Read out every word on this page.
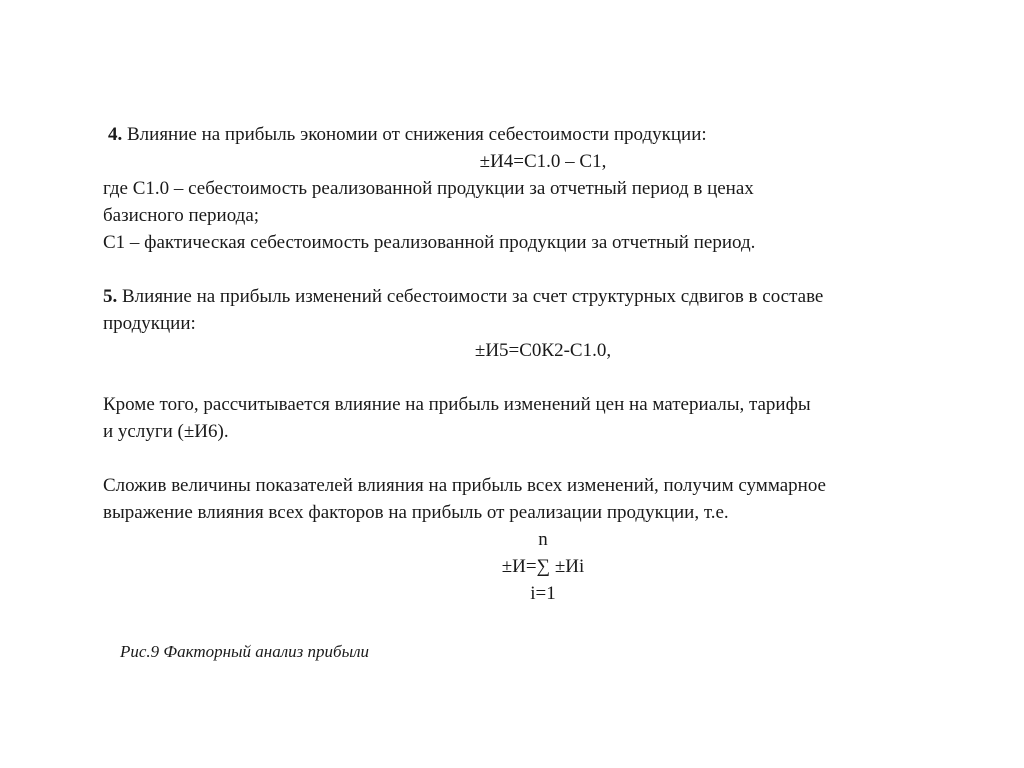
4. Влияние на прибыль экономии от снижения себестоимости продукции:
±И4=С1.0 – С1,
где С1.0 – себестоимость реализованной продукции за отчетный период в ценах
базисного периода;
С1 – фактическая себестоимость реализованной продукции за отчетный период.
5. Влияние на прибыль изменений себестоимости за счет структурных сдвигов в составе
продукции:
±И5=С0К2-С1.0,
Кроме того, рассчитывается влияние на прибыль изменений цен на материалы, тарифы
и услуги (±И6).
Сложив величины показателей влияния на прибыль всех изменений, получим суммарное
выражение влияния всех факторов на прибыль от реализации продукции, т.е.
n
±И=∑ ±Иi
i=1
Рис.9 Факторный анализ прибыли
